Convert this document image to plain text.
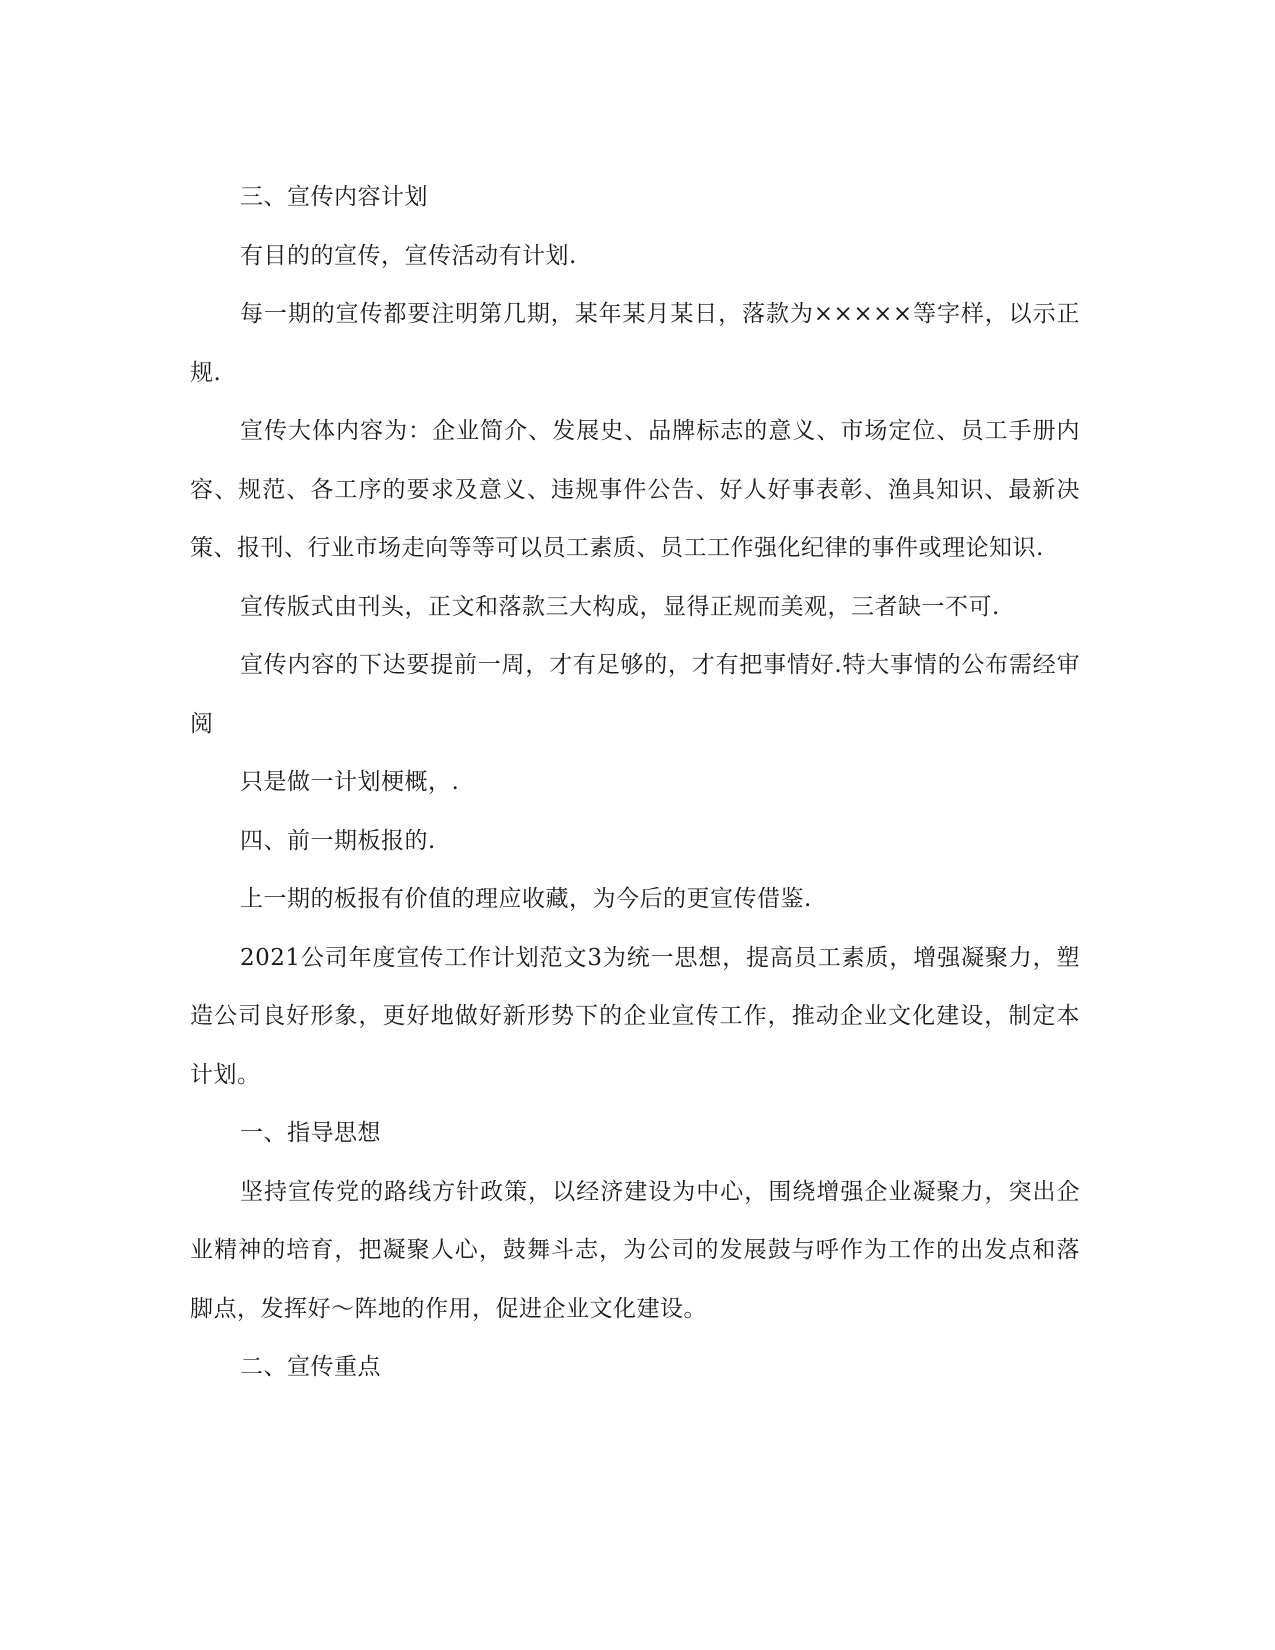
三、宣传内容计划

有目的的宣传，宣传活动有计划.

每一期的宣传都要注明第几期，某年某月某日，落款为×××××等字样，以示正规.

宣传大体内容为：企业简介、发展史、品牌标志的意义、市场定位、员工手册内容、规范、各工序的要求及意义、违规事件公告、好人好事表彰、渔具知识、最新决策、报刊、行业市场走向等等可以员工素质、员工工作强化纪律的事件或理论知识.

宣传版式由刊头，正文和落款三大构成，显得正规而美观，三者缺一不可.

宣传内容的下达要提前一周，才有足够的，才有把事情好.特大事情的公布需经审阅

只是做一计划梗概，.

四、前一期板报的.

上一期的板报有价值的理应收藏，为今后的更宣传借鉴.

2021公司年度宣传工作计划范文3为统一思想，提高员工素质，增强凝聚力，塑造公司良好形象，更好地做好新形势下的企业宣传工作，推动企业文化建设，制定本计划。

一、指导思想

坚持宣传党的路线方针政策，以经济建设为中心，围绕增强企业凝聚力，突出企业精神的培育，把凝聚人心，鼓舞斗志，为公司的发展鼓与呼作为工作的出发点和落脚点，发挥好～阵地的作用，促进企业文化建设。

二、宣传重点
